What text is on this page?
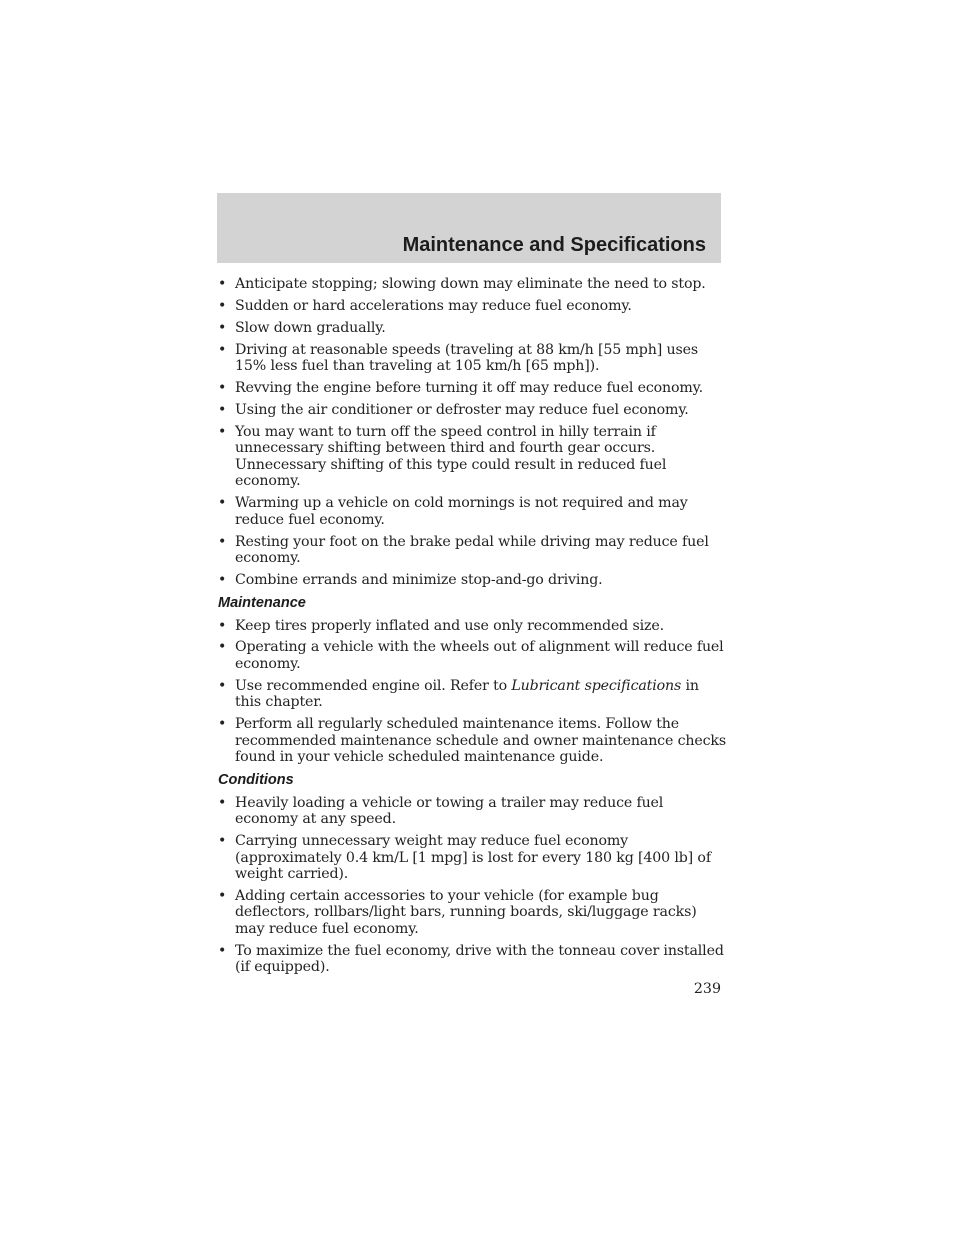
Maintenance and Specifications
• Anticipate stopping; slowing down may eliminate the need to stop.
• Sudden or hard accelerations may reduce fuel economy.
• Slow down gradually.
• Driving at reasonable speeds (traveling at 88 km/h [55 mph] uses 15% less fuel than traveling at 105 km/h [65 mph]).
• Revving the engine before turning it off may reduce fuel economy.
• Using the air conditioner or defroster may reduce fuel economy.
• You may want to turn off the speed control in hilly terrain if unnecessary shifting between third and fourth gear occurs. Unnecessary shifting of this type could result in reduced fuel economy.
• Warming up a vehicle on cold mornings is not required and may reduce fuel economy.
• Resting your foot on the brake pedal while driving may reduce fuel economy.
• Combine errands and minimize stop-and-go driving.
Maintenance
• Keep tires properly inflated and use only recommended size.
• Operating a vehicle with the wheels out of alignment will reduce fuel economy.
• Use recommended engine oil. Refer to Lubricant specifications in this chapter.
• Perform all regularly scheduled maintenance items. Follow the recommended maintenance schedule and owner maintenance checks found in your vehicle scheduled maintenance guide.
Conditions
• Heavily loading a vehicle or towing a trailer may reduce fuel economy at any speed.
• Carrying unnecessary weight may reduce fuel economy (approximately 0.4 km/L [1 mpg] is lost for every 180 kg [400 lb] of weight carried).
• Adding certain accessories to your vehicle (for example bug deflectors, rollbars/light bars, running boards, ski/luggage racks) may reduce fuel economy.
• To maximize the fuel economy, drive with the tonneau cover installed (if equipped).
239
